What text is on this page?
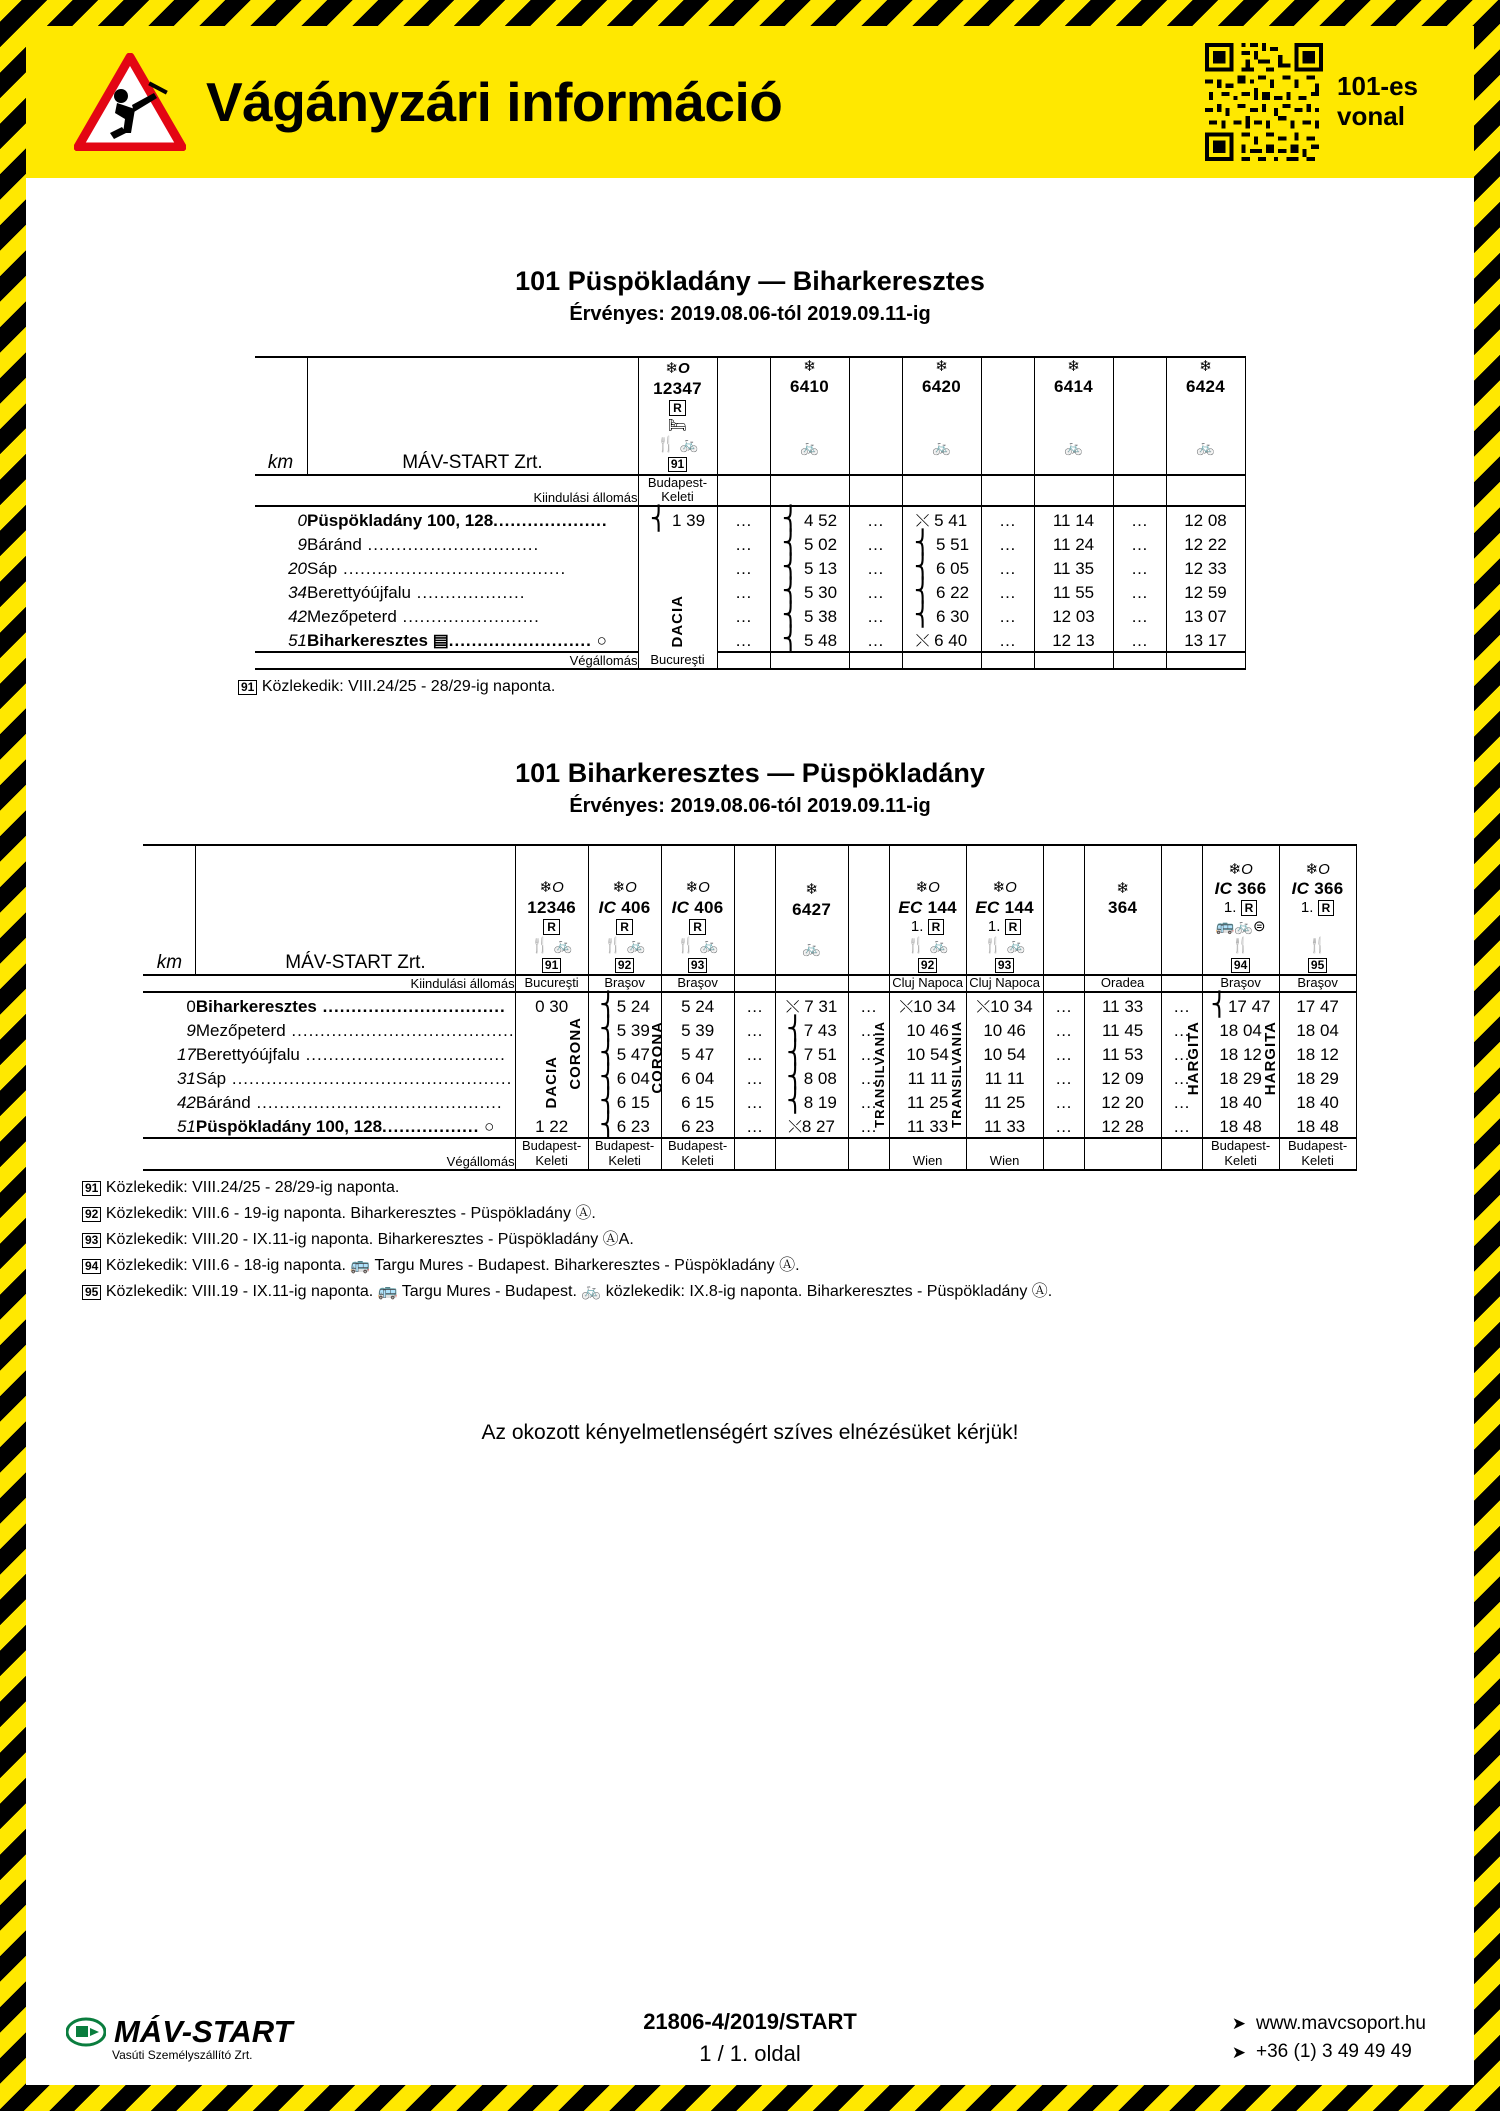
Vágányzári információ	101-es
vonal
101 Püspökladány — Biharkeresztes
Érvényes: 2019.08.06-tól 2019.09.11-ig
km	MÁV-START Zrt.	
❄O
12347
R
🛏
🍴 🚲
91

❄
6410
🚲

❄
6420
🚲

❄
6414
🚲

❄
6424
🚲

Kiindulási állomás		Budapest-Keleti								
0	Püspökladány 100, 128....................	⎨ 1 39	…	⎨ 4 52	…	⤬ 5 41	…	11 14	…	12 08
9	Báránd ..............................	DACIA	…	⎨ 5 02	…	⎨ 5 51	…	11 24	…	12 22
20	Sáp .......................................		…	⎨ 5 13	…	⎨ 6 05	…	11 35	…	12 33
34	Berettyóújfalu ...................		…	⎨ 5 30	…	⎨ 6 22	…	11 55	…	12 59
42	Mezőpeterd ........................		…	⎨ 5 38	…	⎨ 6 30	…	12 03	…	13 07
51	Biharkeresztes ▤......................... ○		…	⎨ 5 48	…	⤬ 6 40	…	12 13	…	13 17
Végállomás		Bucureşti								
91 Közlekedik: VIII.24/25 - 28/29-ig naponta.
101 Biharkeresztes — Püspökladány
Érvényes: 2019.08.06-tól 2019.09.11-ig
km	MÁV-START Zrt.	
❄O
12346
R
🍴 🚲
91

❄O
IC 406
R
🍴 🚲
92

❄O
IC 406
R
🍴 🚲
93

❄
6427
🚲

❄O
EC 144
1. R
🍴 🚲
92

❄O
EC 144
1. R
🍴 🚲
93

❄
364

❄O
IC 366
1. R
🚌🚲⊜
🍴
94

❄O
IC 366
1. R

🍴
95

Kiindulási állomás		Bucureşti	Braşov	Braşov				Cluj Napoca	Cluj Napoca		Oradea		Braşov	Braşov
0	Biharkeresztes ................................	0 30	⎨5 24	5 24	…	⤬ 7 31	…	⤬10 34	⤬10 34	…	11 33	…	⎨17 47	17 47
9	Mezőpeterd .......................................	DACIA	CORONA ⎨5 39	CORONA 5 39	…	⎨7 43	…	TRANSILVANIA 10 46	TRANSILVANIA 10 46	…	11 45	…	HARGITA 18 04	HARGITA 18 04
17	Berettyóújfalu ...................................		⎨5 47	5 47	…	⎨7 51	…	10 54	10 54	…	11 53	…	18 12	18 12
31	Sáp .................................................		⎨6 04	6 04	…	⎨8 08	…	11 11	11 11	…	12 09	…	18 29	18 29
42	Báránd ...........................................		⎨6 15	6 15	…	⎨8 19	…	11 25	11 25	…	12 20	…	18 40	18 40
51	Püspökladány 100, 128................. ○	1 22	⎨6 23	6 23	…	⤬8 27	…	11 33	11 33	…	12 28	…	18 48	18 48
Végállomás		Budapest-Keleti	Budapest-Keleti	Budapest-Keleti				Wien	Wien				Budapest-Keleti	Budapest-Keleti
91 Közlekedik: VIII.24/25 - 28/29-ig naponta.
92 Közlekedik: VIII.6 - 19-ig naponta. Biharkeresztes - Püspökladány Ⓐ.
93 Közlekedik: VIII.20 - IX.11-ig naponta. Biharkeresztes - Püspökladány ⒶA.
94 Közlekedik: VIII.6 - 18-ig naponta. 🚌 Targu Mures - Budapest. Biharkeresztes - Püspökladány Ⓐ.
95 Közlekedik: VIII.19 - IX.11-ig naponta. 🚌 Targu Mures - Budapest. 🚲 közlekedik: IX.8-ig naponta. Biharkeresztes - Püspökladány Ⓐ.
Az okozott kényelmetlenségért szíves elnézésüket kérjük!
MÁV-START
Vasúti Személyszállító Zrt.
21806-4/2019/START
1 / 1. oldal
➤ www.mavcsoport.hu
➤ +36 (1) 3 49 49 49
